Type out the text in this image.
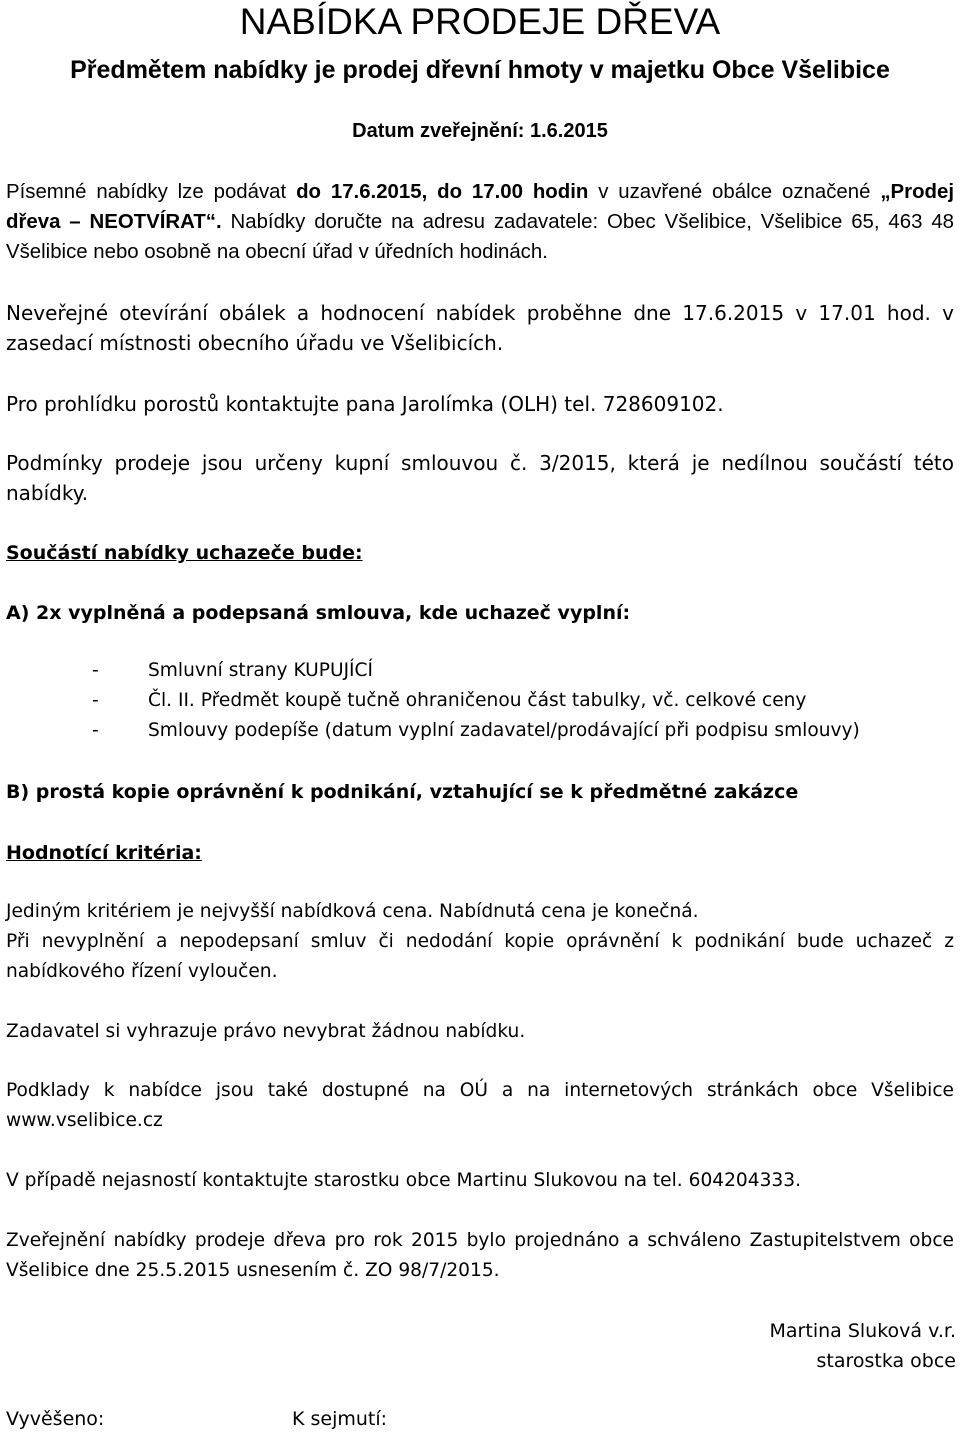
NABÍDKA PRODEJE DŘEVA
Předmětem nabídky je prodej dřevní hmoty v majetku Obce Všelibice

Datum zveřejnění: 1.6.2015

Písemné nabídky lze podávat do 17.6.2015, do 17.00 hodin v uzavřené obálce označené „Prodej dřeva – NEOTVÍRAT“. Nabídky doručte na adresu zadavatele: Obec Všelibice, Všelibice 65, 463 48 Všelibice nebo osobně na obecní úřad v úředních hodinách.

Neveřejné otevírání obálek a hodnocení nabídek proběhne dne 17.6.2015 v 17.01 hod. v zasedací místnosti obecního úřadu ve Všelibicích.

Pro prohlídku porostů kontaktujte pana Jarolímka (OLH) tel. 728609102.

Podmínky prodeje jsou určeny kupní smlouvou č. 3/2015, která je nedílnou součástí této nabídky.

Součástí nabídky uchazeče bude:

A) 2x vyplněná a podepsaná smlouva, kde uchazeč vyplní:

- Smluvní strany KUPUJÍCÍ
- Čl. II. Předmět koupě tučně ohraničenou část tabulky, vč. celkové ceny
- Smlouvy podepíše (datum vyplní zadavatel/prodávající při podpisu smlouvy)

B) prostá kopie oprávnění k podnikání, vztahující se k předmětné zakázce

Hodnotící kritéria:

Jediným kritériem je nejvyšší nabídková cena. Nabídnutá cena je konečná.

Při nevyplnění a nepodepsaní smluv či nedodání kopie oprávnění k podnikání bude uchazeč z nabídkového řízení vyloučen.

Zadavatel si vyhrazuje právo nevybrat žádnou nabídku.

Podklady k nabídce jsou také dostupné na OÚ a na internetových stránkách obce Všelibice www.vselibice.cz

V případě nejasností kontaktujte starostku obce Martinu Slukovou na tel. 604204333.

Zveřejnění nabídky prodeje dřeva pro rok 2015 bylo projednáno a schváleno Zastupitelstvem obce Všelibice dne 25.5.2015 usnesením č. ZO 98/7/2015.

Martina Sluková v.r.
starostka obce
Vyvěšeno:	K sejmutí:
